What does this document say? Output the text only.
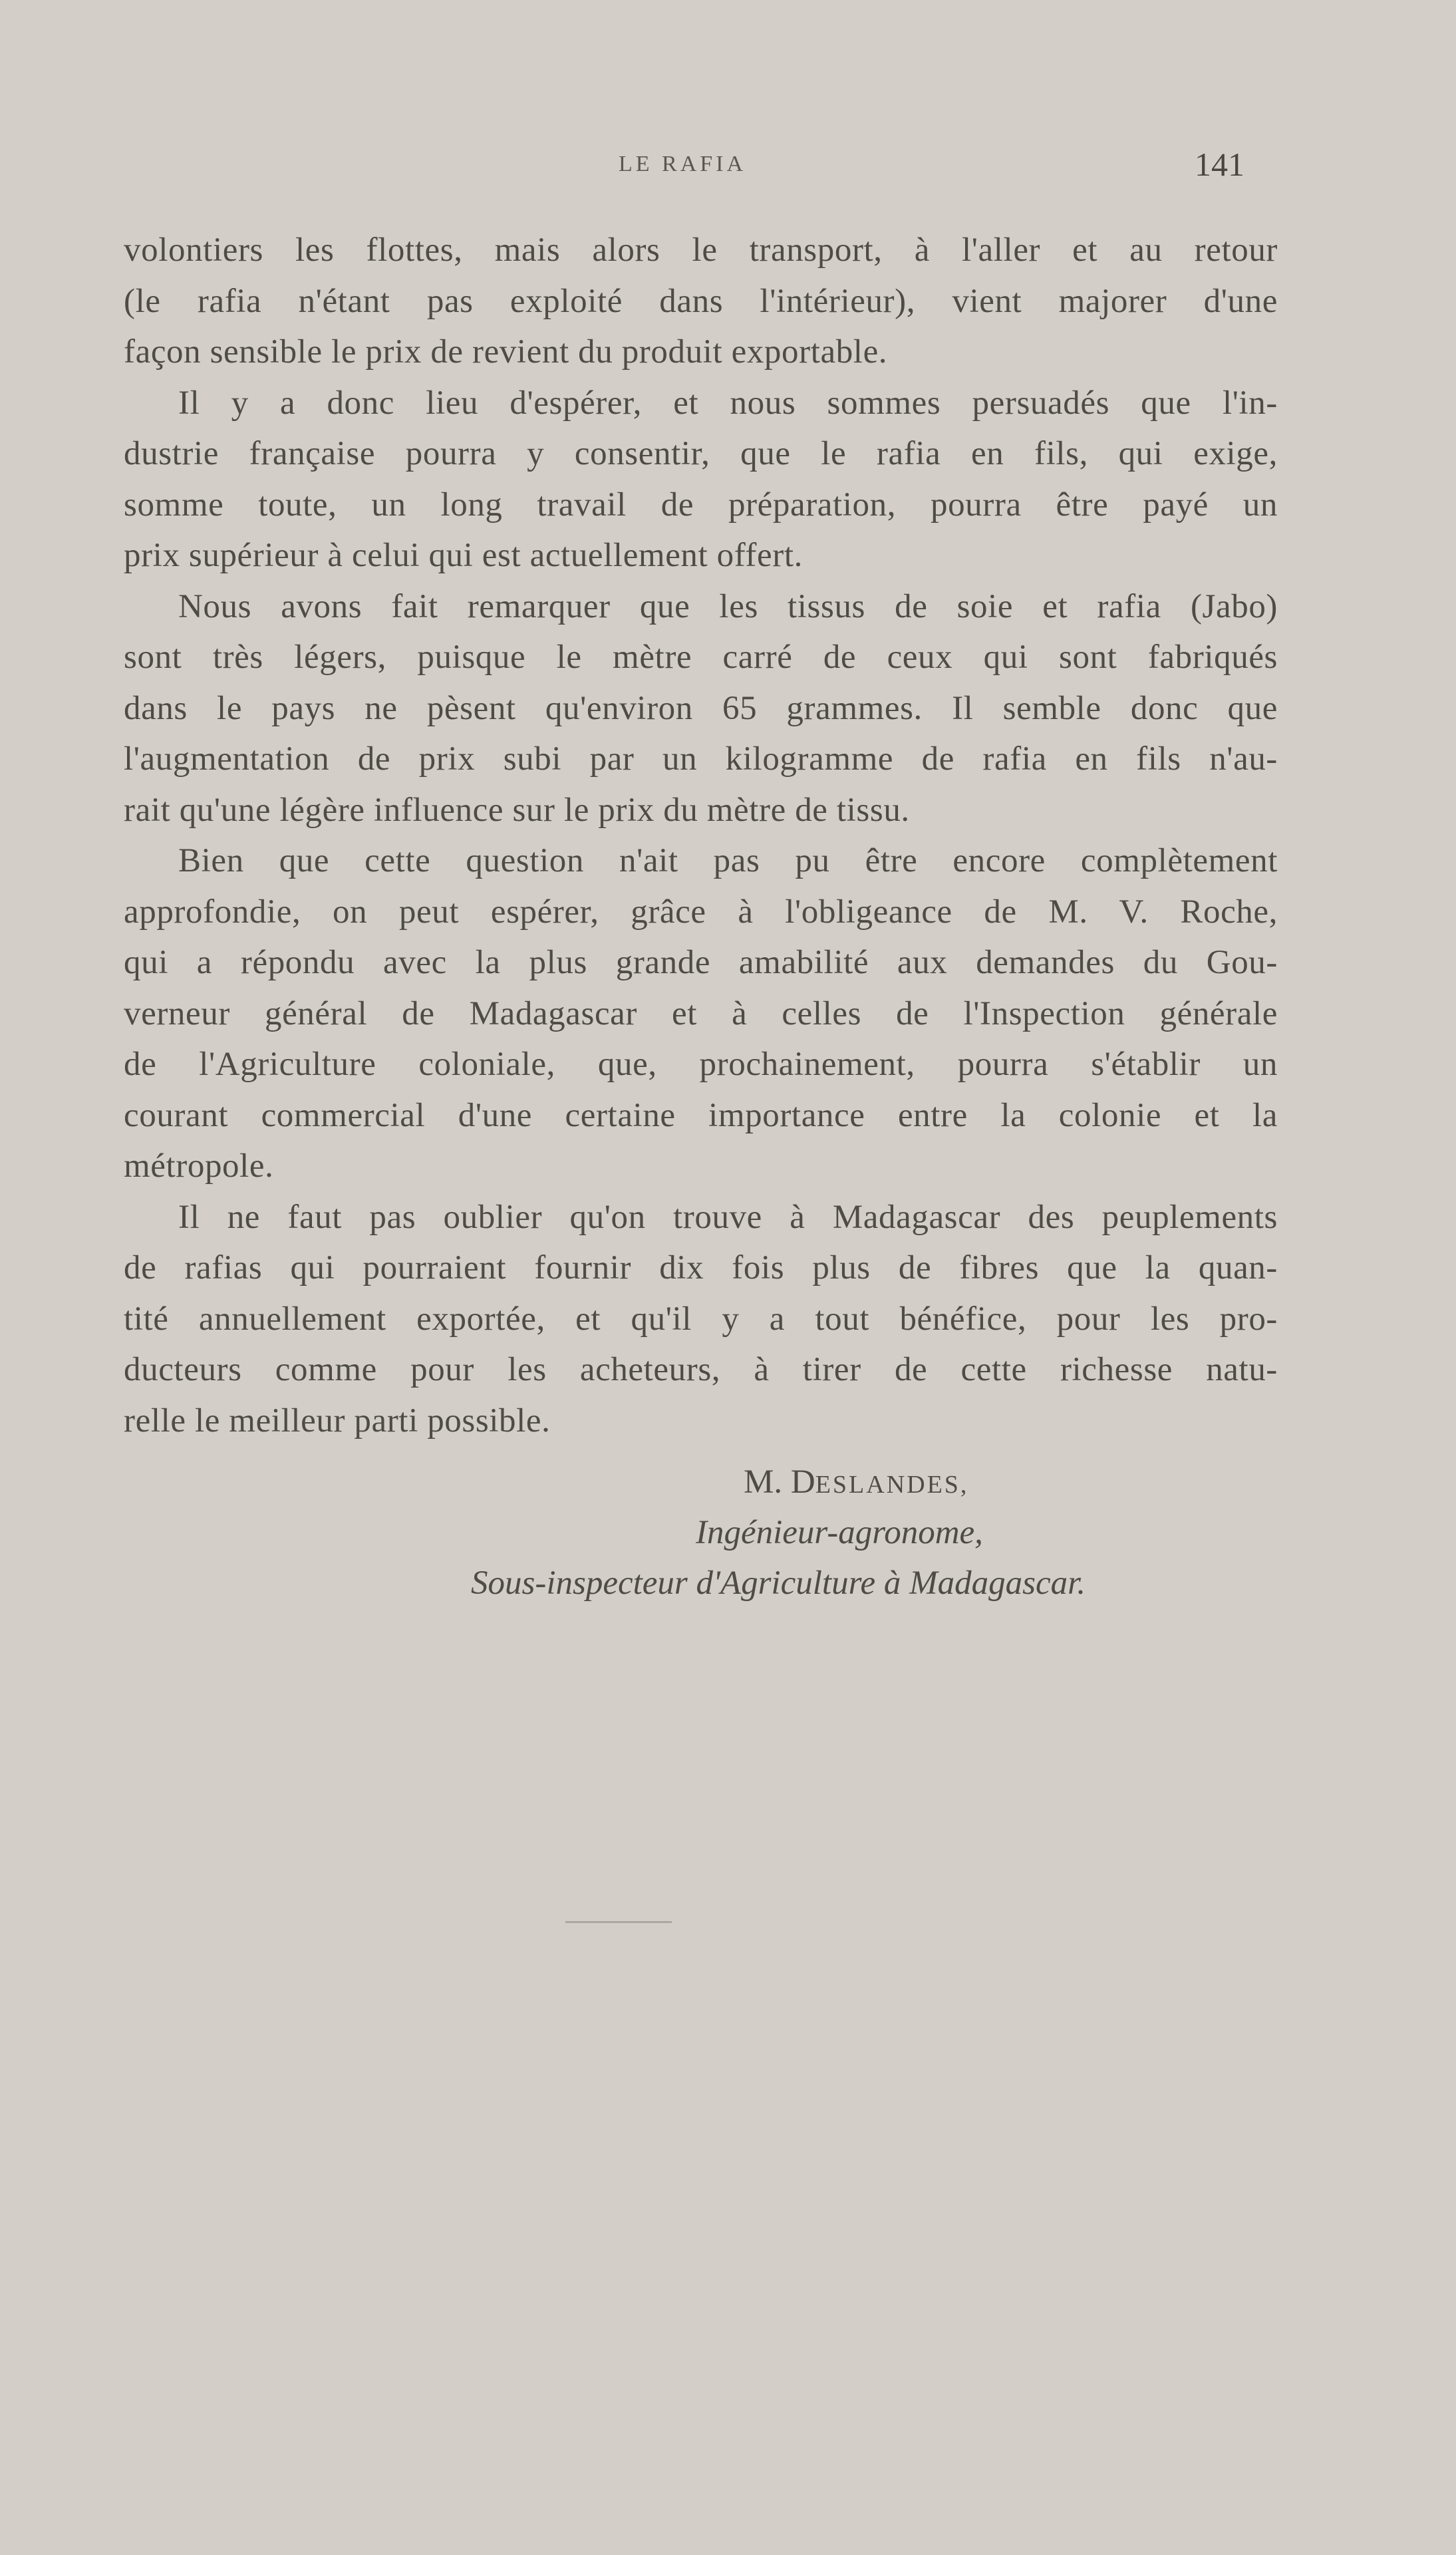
LE RAFIA	141
volontiers les flottes, mais alors le transport, à l'aller et au retour
(le rafia n'étant pas exploité dans l'intérieur), vient majorer d'une
façon sensible le prix de revient du produit exportable.
Il y a donc lieu d'espérer, et nous sommes persuadés que l'in-
dustrie française pourra y consentir, que le rafia en fils, qui exige,
somme toute, un long travail de préparation, pourra être payé un
prix supérieur à celui qui est actuellement offert.
Nous avons fait remarquer que les tissus de soie et rafia (Jabo)
sont très légers, puisque le mètre carré de ceux qui sont fabriqués
dans le pays ne pèsent qu'environ 65 grammes. Il semble donc que
l'augmentation de prix subi par un kilogramme de rafia en fils n'au-
rait qu'une légère influence sur le prix du mètre de tissu.
Bien que cette question n'ait pas pu être encore complètement
approfondie, on peut espérer, grâce à l'obligeance de M. V. Roche,
qui a répondu avec la plus grande amabilité aux demandes du Gou-
verneur général de Madagascar et à celles de l'Inspection générale
de l'Agriculture coloniale, que, prochainement, pourra s'établir un
courant commercial d'une certaine importance entre la colonie et la
métropole.
Il ne faut pas oublier qu'on trouve à Madagascar des peuplements
de rafias qui pourraient fournir dix fois plus de fibres que la quan-
tité annuellement exportée, et qu'il y a tout bénéfice, pour les pro-
ducteurs comme pour les acheteurs, à tirer de cette richesse natu-
relle le meilleur parti possible.
M. DESLANDES,
Ingénieur-agronome,
Sous-inspecteur d'Agriculture à Madagascar.
